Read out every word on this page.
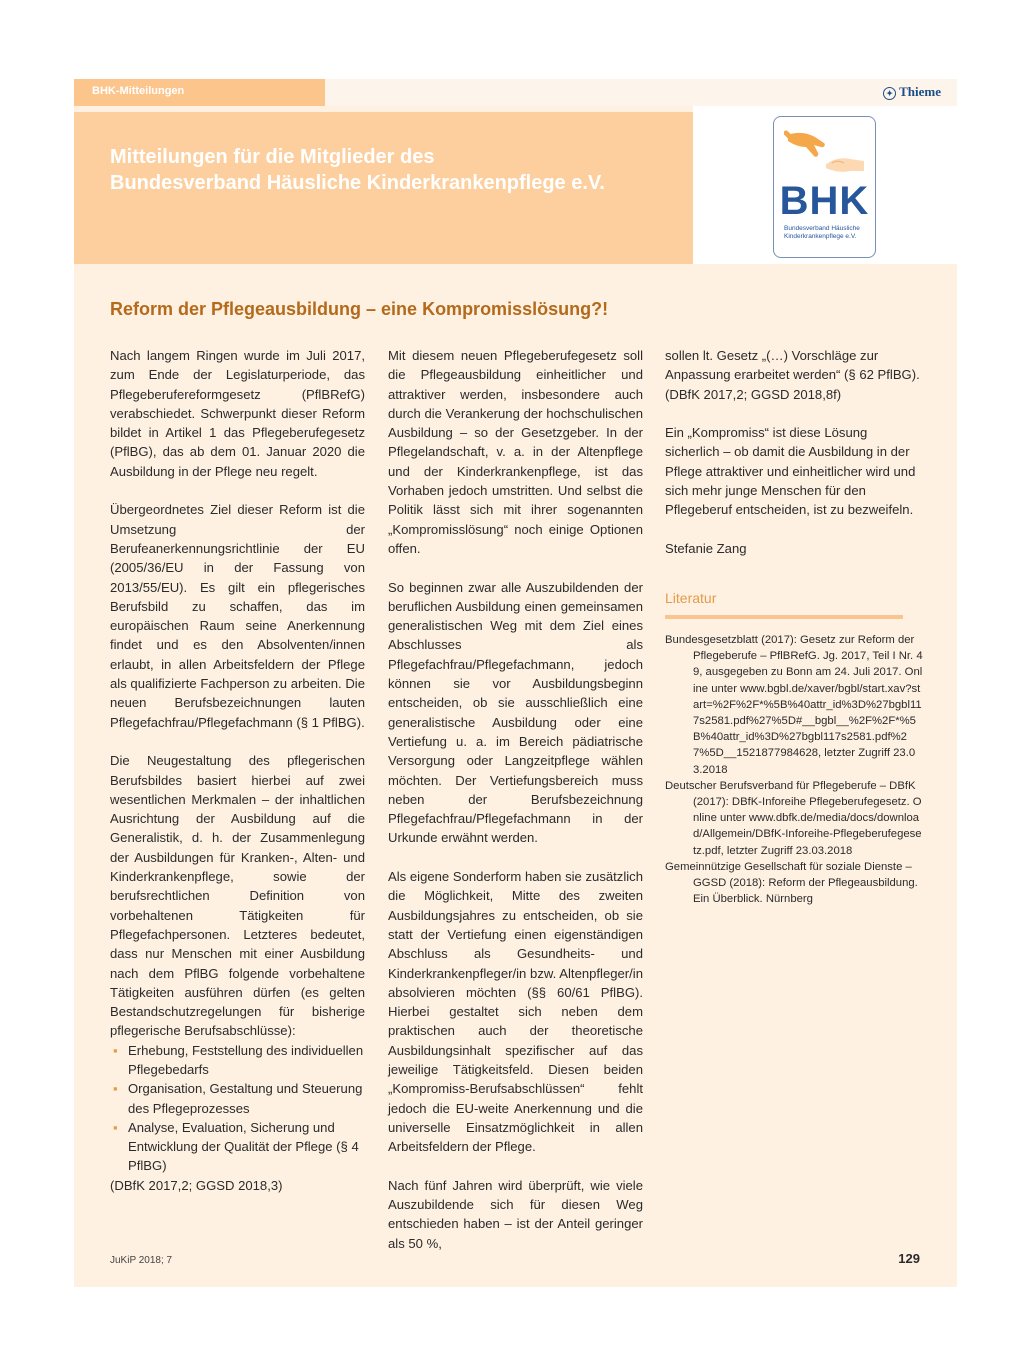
BHK-Mitteilungen	✦ Thieme
Mitteilungen für die Mitglieder des
Bundesverband Häusliche Kinderkrankenpflege e.V.	BHK
Bundesverband Häusliche
Kinderkrankenpflege e.V.
Reform der Pflegeausbildung – eine Kompromisslösung?!

Nach langem Ringen wurde im Juli 2017, zum Ende der Legislaturperiode, das Pflegeberufereformgesetz (PflBRefG) verabschiedet. Schwerpunkt dieser Reform bildet in Artikel 1 das Pflegeberufegesetz (PflBG), das ab dem 01. Januar 2020 die Ausbildung in der Pflege neu regelt.

Übergeordnetes Ziel dieser Reform ist die Umsetzung der Berufeanerkennungsrichtlinie der EU (2005/36/EU in der Fassung von 2013/55/EU). Es gilt ein pflegerisches Berufsbild zu schaffen, das im europäischen Raum seine Anerkennung findet und es den Absolventen/innen erlaubt, in allen Arbeitsfeldern der Pflege als qualifizierte Fachperson zu arbeiten. Die neuen Berufsbezeichnungen lauten Pflegefachfrau/Pflegefachmann (§ 1 PflBG).

Die Neugestaltung des pflegerischen Berufsbildes basiert hierbei auf zwei wesentlichen Merkmalen – der inhaltlichen Ausrichtung der Ausbildung auf die Generalistik, d. h. der Zusammenlegung der Ausbildungen für Kranken-, Alten- und Kinderkrankenpflege, sowie der berufsrechtlichen Definition von vorbehaltenen Tätigkeiten für Pflegefachpersonen. Letzteres bedeutet, dass nur Menschen mit einer Ausbildung nach dem PflBG folgende vorbehaltene Tätigkeiten ausführen dürfen (es gelten Bestandschutzregelungen für bisherige pflegerische Berufsabschlüsse):

▪ Erhebung, Feststellung des individuellen Pflegebedarfs
▪ Organisation, Gestaltung und Steuerung des Pflegeprozesses
▪ Analyse, Evaluation, Sicherung und Entwicklung der Qualität der Pflege (§ 4 PflBG)
(DBfK 2017,2; GGSD 2018,3)

Mit diesem neuen Pflegeberufegesetz soll die Pflegeausbildung einheitlicher und attraktiver werden, insbesondere auch durch die Verankerung der hochschulischen Ausbildung – so der Gesetzgeber. In der Pflegelandschaft, v. a. in der Altenpflege und der Kinderkrankenpflege, ist das Vorhaben jedoch umstritten. Und selbst die Politik lässt sich mit ihrer sogenannten „Kompromisslösung“ noch einige Optionen offen.

So beginnen zwar alle Auszubildenden der beruflichen Ausbildung einen gemeinsamen generalistischen Weg mit dem Ziel eines Abschlusses als Pflegefachfrau/Pflegefachmann, jedoch können sie vor Ausbildungsbeginn entscheiden, ob sie ausschließlich eine generalistische Ausbildung oder eine Vertiefung u. a. im Bereich pädiatrische Versorgung oder Langzeitpflege wählen möchten. Der Vertiefungsbereich muss neben der Berufsbezeichnung Pflegefachfrau/Pflegefachmann in der Urkunde erwähnt werden.

Als eigene Sonderform haben sie zusätzlich die Möglichkeit, Mitte des zweiten Ausbildungsjahres zu entscheiden, ob sie statt der Vertiefung einen eigenständigen Abschluss als Gesundheits- und Kinderkrankenpfleger/in bzw. Altenpfleger/in absolvieren möchten (§§ 60/61 PflBG). Hierbei gestaltet sich neben dem praktischen auch der theoretische Ausbildungsinhalt spezifischer auf das jeweilige Tätigkeitsfeld. Diesen beiden „Kompromiss-Berufsabschlüssen“ fehlt jedoch die EU-weite Anerkennung und die universelle Einsatzmöglichkeit in allen Arbeitsfeldern der Pflege.

Nach fünf Jahren wird überprüft, wie viele Auszubildende sich für diesen Weg entschieden haben – ist der Anteil geringer als 50 %,

sollen lt. Gesetz „(…) Vorschläge zur Anpassung erarbeitet werden“ (§ 62 PflBG). (DBfK 2017,2; GGSD 2018,8f)

Ein „Kompromiss“ ist diese Lösung sicherlich – ob damit die Ausbildung in der Pflege attraktiver und einheitlicher wird und sich mehr junge Menschen für den Pflegeberuf entscheiden, ist zu bezweifeln.

Stefanie Zang

Literatur
Bundesgesetzblatt (2017): Gesetz zur Reform der Pflegeberufe – PflBRefG. Jg. 2017, Teil I Nr. 49, ausgegeben zu Bonn am 24. Juli 2017. Online unter www.bgbl.de/xaver/bgbl/start.xav?start=%2F%2F*%5B%40attr_id%3D%27bgbl117s2581.pdf%27%5D#__bgbl__%2F%2F*%5B%40attr_id%3D%27bgbl117s2581.pdf%27%5D__1521877984628, letzter Zugriff 23.03.2018
Deutscher Berufsverband für Pflegeberufe – DBfK (2017): DBfK-Inforeihe Pflegeberufegesetz. Online unter www.dbfk.de/media/docs/download/Allgemein/DBfK-Inforeihe-Pflegeberufegesetz.pdf, letzter Zugriff 23.03.2018
Gemeinnützige Gesellschaft für soziale Dienste – GGSD (2018): Reform der Pflegeausbildung. Ein Überblick. Nürnberg
JuKiP 2018; 7	129
